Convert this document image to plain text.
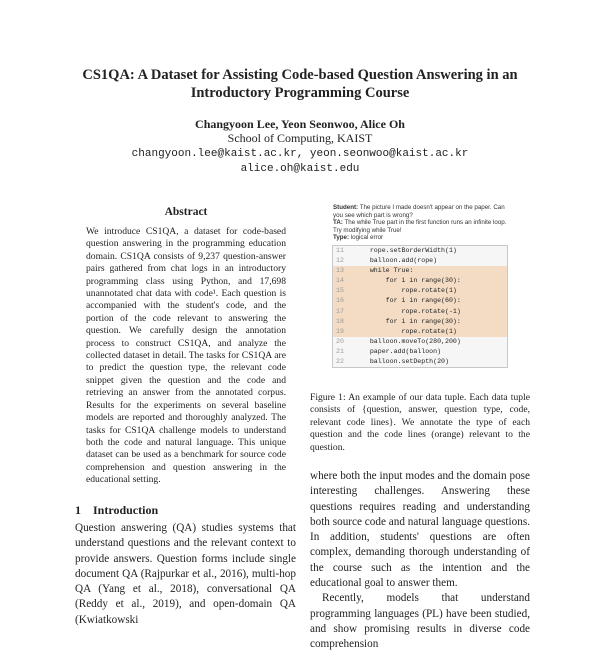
CS1QA: A Dataset for Assisting Code-based Question Answering in an
Introductory Programming Course
Changyoon Lee, Yeon Seonwoo, Alice Oh
School of Computing, KAIST
changyoon.lee@kaist.ac.kr, yeon.seonwoo@kaist.ac.kr
alice.oh@kaist.edu
Abstract
We introduce CS1QA, a dataset for code-based question answering in the programming education domain. CS1QA consists of 9,237 question-answer pairs gathered from chat logs in an introductory programming class using Python, and 17,698 unannotated chat data with code¹. Each question is accompanied with the student's code, and the portion of the code relevant to answering the question. We carefully design the annotation process to construct CS1QA, and analyze the collected dataset in detail. The tasks for CS1QA are to predict the question type, the relevant code snippet given the question and the code and retrieving an answer from the annotated corpus. Results for the experiments on several baseline models are reported and thoroughly analyzed. The tasks for CS1QA challenge models to understand both the code and natural language. This unique dataset can be used as a benchmark for source code comprehension and question answering in the educational setting.
1 Introduction

Question answering (QA) studies systems that understand questions and the relevant context to provide answers. Question forms include single document QA (Rajpurkar et al., 2016), multi-hop QA (Yang et al., 2018), conversational QA (Reddy et al., 2019), and open-domain QA (Kwiatkowski

Student: The picture I made doesn't appear on the paper. Can you see which part is wrong?
TA: The while True part in the first function runs an infinite loop. Try modifying while True!
Type: logical error
11	rope.setBorderWidth(1)
12	balloon.add(rope)
13	while True:
14	for i in range(30):
15	rope.rotate(1)
16	for i in range(60):
17	rope.rotate(-1)
18	for i in range(30):
19	rope.rotate(1)
20	balloon.moveTo(280,200)
21	paper.add(balloon)
22	balloon.setDepth(20)
Figure 1: An example of our data tuple. Each data tuple consists of {question, answer, question type, code, relevant code lines}. We annotate the type of each question and the code lines (orange) relevant to the question.

where both the input modes and the domain pose interesting challenges. Answering these questions requires reading and understanding both source code and natural language questions. In addition, students' questions are often complex, demanding thorough understanding of the course such as the intention and the educational goal to answer them.

Recently, models that understand programming languages (PL) have been studied, and show promising results in diverse code comprehension
